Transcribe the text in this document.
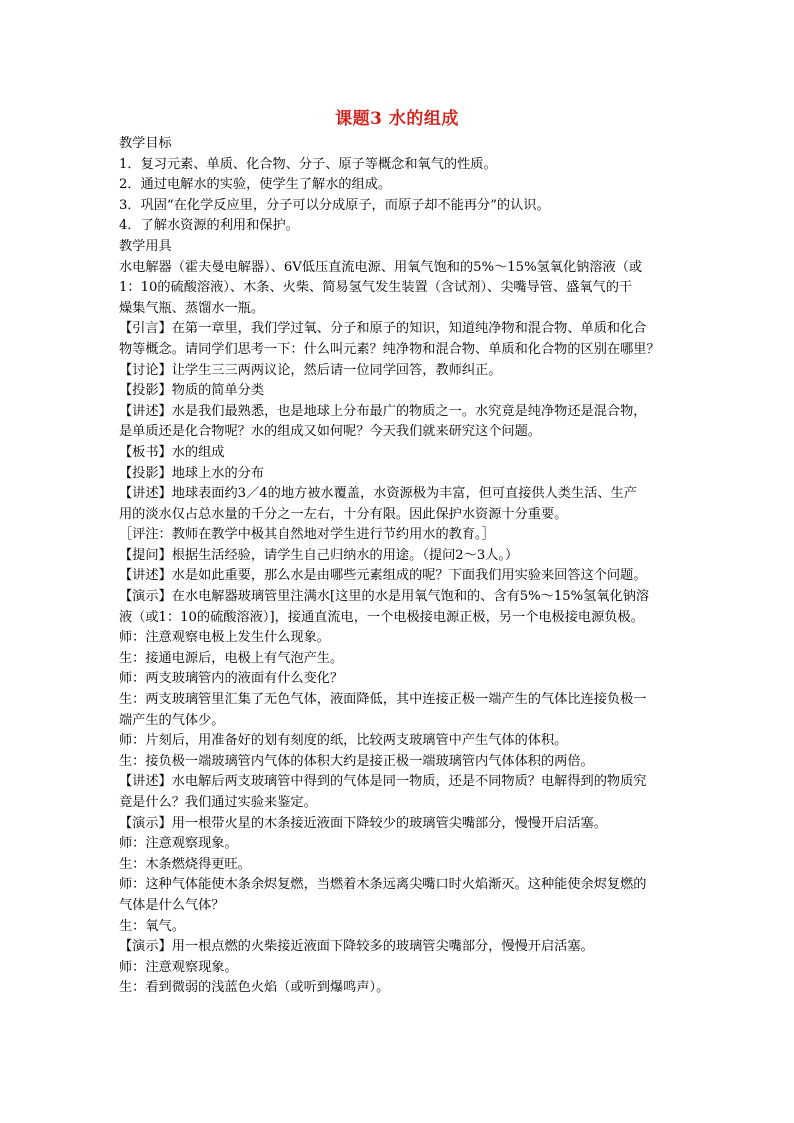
课题3 水的组成
教学目标
1．复习元素、单质、化合物、分子、原子等概念和氧气的性质。
2．通过电解水的实验，使学生了解水的组成。
3．巩固“在化学反应里，分子可以分成原子，而原子却不能再分”的认识。
4．了解水资源的利用和保护。
教学用具
水电解器（霍夫曼电解器）、6V低压直流电源、用氧气饱和的5%～15%氢氧化钠溶液（或
1：10的硫酸溶液）、木条、火柴、简易氢气发生装置（含试剂）、尖嘴导管、盛氧气的干
燥集气瓶、蒸馏水一瓶。
【引言】在第一章里，我们学过氧、分子和原子的知识，知道纯净物和混合物、单质和化合
物等概念。请同学们思考一下：什么叫元素？纯净物和混合物、单质和化合物的区别在哪里？
【讨论】让学生三三两两议论，然后请一位同学回答，教师纠正。
【投影】物质的简单分类
【讲述】水是我们最熟悉，也是地球上分布最广的物质之一。水究竟是纯净物还是混合物，
是单质还是化合物呢？水的组成又如何呢？今天我们就来研究这个问题。
【板书】水的组成
【投影】地球上水的分布
【讲述】地球表面约3／4的地方被水覆盖，水资源极为丰富，但可直接供人类生活、生产
用的淡水仅占总水量的千分之一左右，十分有限。因此保护水资源十分重要。
［评注：教师在教学中极其自然地对学生进行节约用水的教育。］
【提问】根据生活经验，请学生自己归纳水的用途。（提问2～3人。）
【讲述】水是如此重要，那么水是由哪些元素组成的呢？下面我们用实验来回答这个问题。
【演示】在水电解器玻璃管里注满水[这里的水是用氧气饱和的、含有5%～15%氢氧化钠溶
液（或1：10的硫酸溶液）]，接通直流电，一个电极接电源正极，另一个电极接电源负极。
师：注意观察电极上发生什么现象。
生：接通电源后，电极上有气泡产生。
师：两支玻璃管内的液面有什么变化？
生：两支玻璃管里汇集了无色气体，液面降低，其中连接正极一端产生的气体比连接负极一
端产生的气体少。
师：片刻后，用准备好的划有刻度的纸，比较两支玻璃管中产生气体的体积。
生：接负极一端玻璃管内气体的体积大约是接正极一端玻璃管内气体体积的两倍。
【讲述】水电解后两支玻璃管中得到的气体是同一物质，还是不同物质？电解得到的物质究
竟是什么？我们通过实验来鉴定。
【演示】用一根带火星的木条接近液面下降较少的玻璃管尖嘴部分，慢慢开启活塞。
师：注意观察现象。
生：木条燃烧得更旺。
师：这种气体能使木条余烬复燃，当燃着木条远离尖嘴口时火焰渐灭。这种能使余烬复燃的
气体是什么气体？
生：氧气。
【演示】用一根点燃的火柴接近液面下降较多的玻璃管尖嘴部分，慢慢开启活塞。
师：注意观察现象。
生：看到微弱的浅蓝色火焰（或听到爆鸣声）。
